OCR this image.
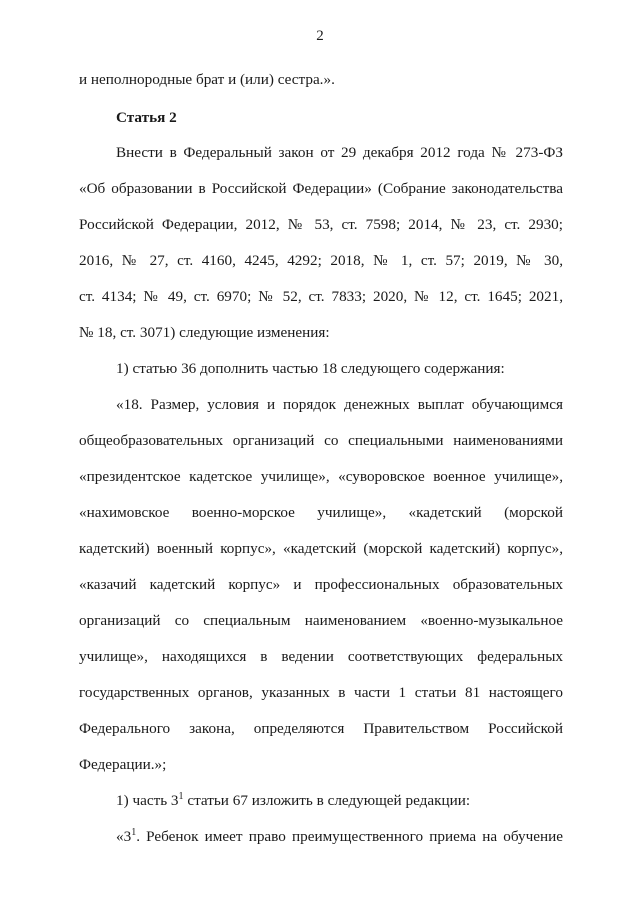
2
и неполнородные брат и (или) сестра.».
Статья 2
Внести в Федеральный закон от 29 декабря 2012 года № 273-ФЗ
«Об образовании в Российской Федерации» (Собрание законодательства
Российской Федерации, 2012, № 53, ст. 7598; 2014, № 23, ст. 2930;
2016, № 27, ст. 4160, 4245, 4292; 2018, № 1, ст. 57; 2019, № 30,
ст. 4134; № 49, ст. 6970; № 52, ст. 7833; 2020, № 12, ст. 1645; 2021,
№ 18, ст. 3071) следующие изменения:
1) статью 36 дополнить частью 18 следующего содержания:
«18. Размер, условия и порядок денежных выплат обучающимся
общеобразовательных организаций со специальными наименованиями
«президентское кадетское училище», «суворовское военное училище»,
«нахимовское военно-морское училище», «кадетский (морской
кадетский) военный корпус», «кадетский (морской кадетский) корпус»,
«казачий кадетский корпус» и профессиональных образовательных
организаций со специальным наименованием «военно-музыкальное
училище», находящихся в ведении соответствующих федеральных
государственных органов, указанных в части 1 статьи 81 настоящего
Федерального закона, определяются Правительством Российской
Федерации.»;
1) часть $3^1$ статьи 67 изложить в следующей редакции:
«$3^1$. Ребенок имеет право преимущественного приема на обучение
